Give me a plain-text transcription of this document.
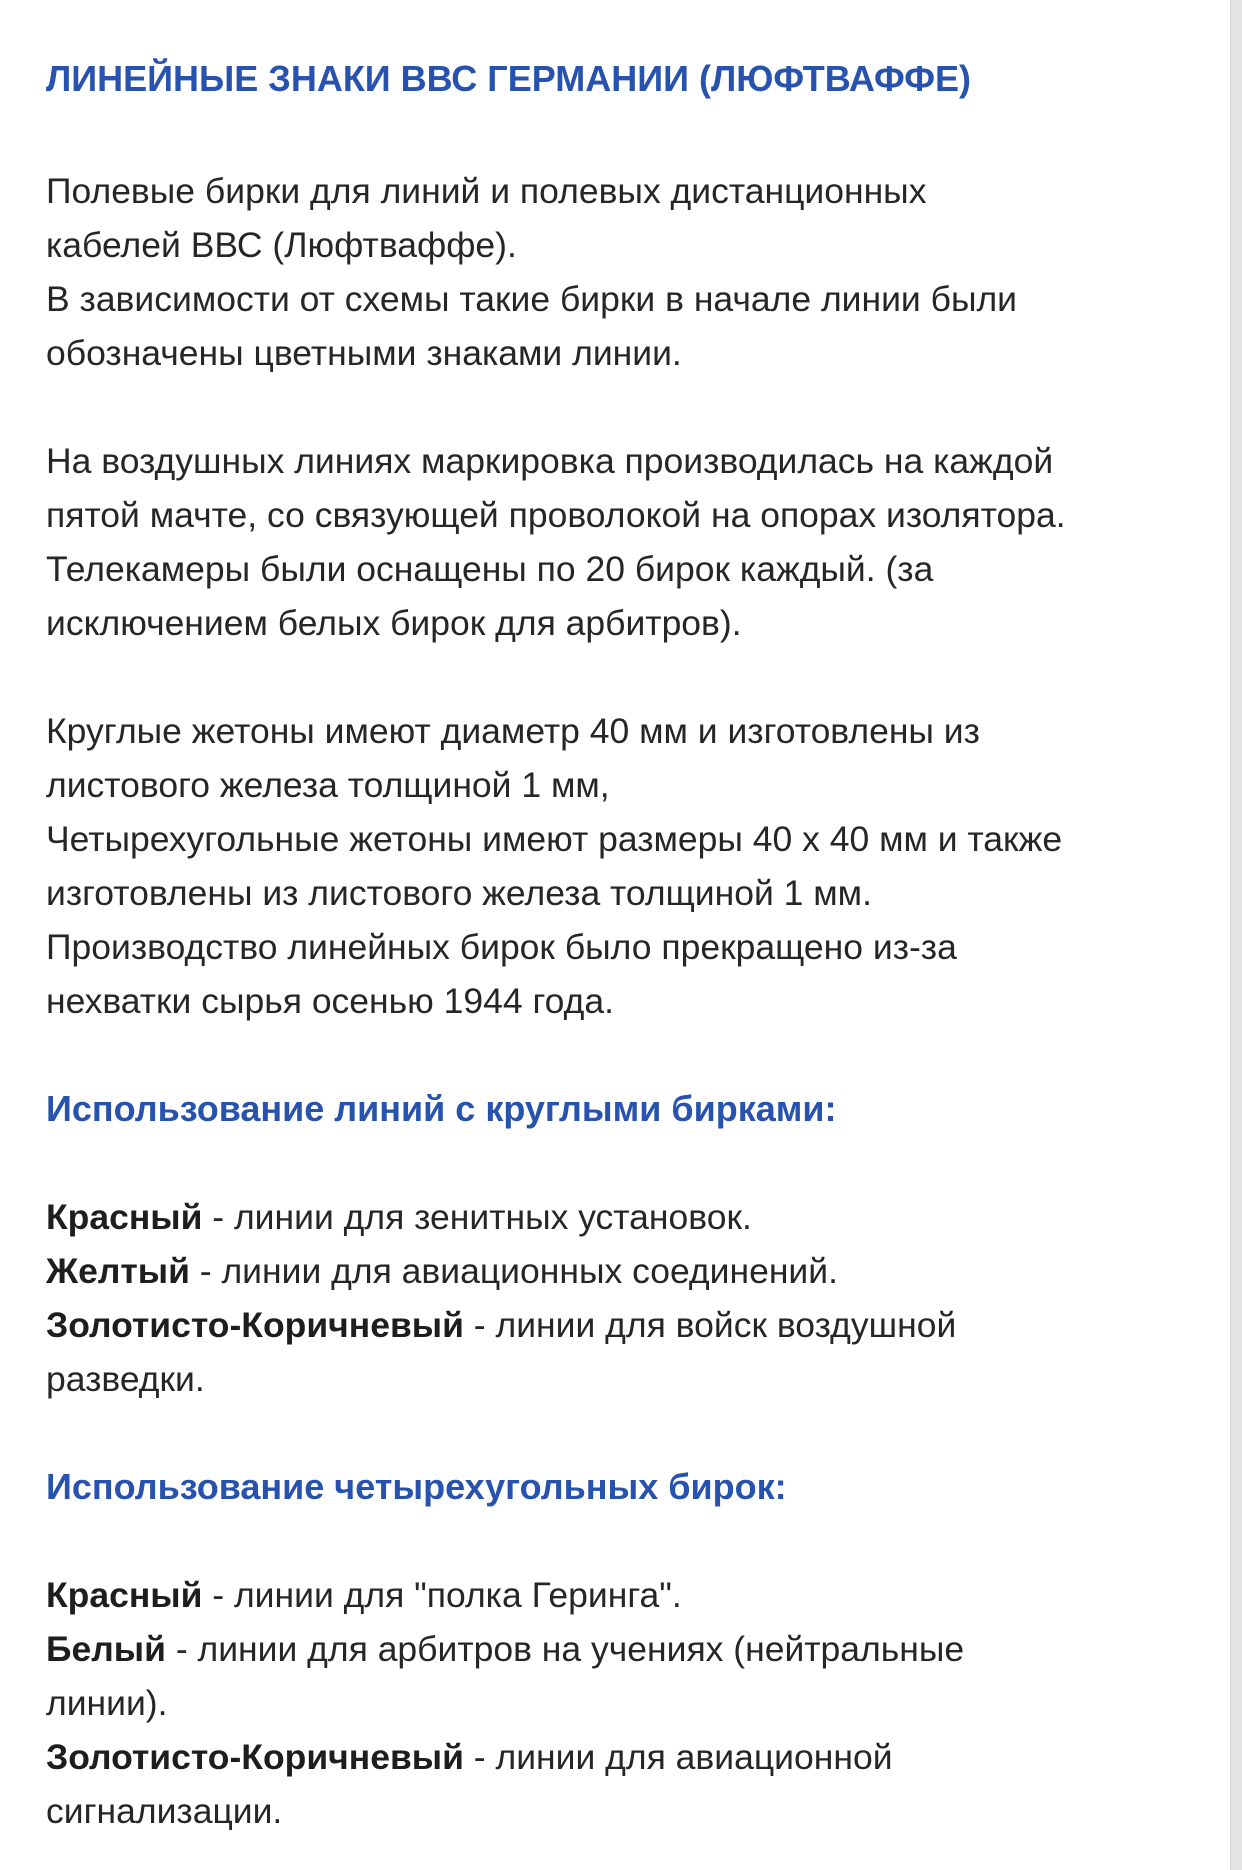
ЛИНЕЙНЫЕ ЗНАКИ ВВС ГЕРМАНИИ (ЛЮФТВАФФЕ)

Полевые бирки для линий и полевых дистанционных
кабелей ВВС (Люфтваффе).
В зависимости от схемы такие бирки в начале линии были
обозначены цветными знаками линии.

На воздушных линиях маркировка производилась на каждой
пятой мачте, со связующей проволокой на опорах изолятора.
Телекамеры были оснащены по 20 бирок каждый. (за
исключением белых бирок для арбитров).

Круглые жетоны имеют диаметр 40 мм и изготовлены из
листового железа толщиной 1 мм,
Четырехугольные жетоны имеют размеры 40 х 40 мм и также
изготовлены из листового железа толщиной 1 мм.
Производство линейных бирок было прекращено из-за
нехватки сырья осенью 1944 года.

Использование линий с круглыми бирками:

Красный - линии для зенитных установок.
Желтый - линии для авиационных соединений.
Золотисто-Коричневый - линии для войск воздушной
разведки.

Использование четырехугольных бирок:

Красный - линии для "полка Геринга".
Белый - линии для арбитров на учениях (нейтральные
линии).
Золотисто-Коричневый - линии для авиационной
сигнализации.
